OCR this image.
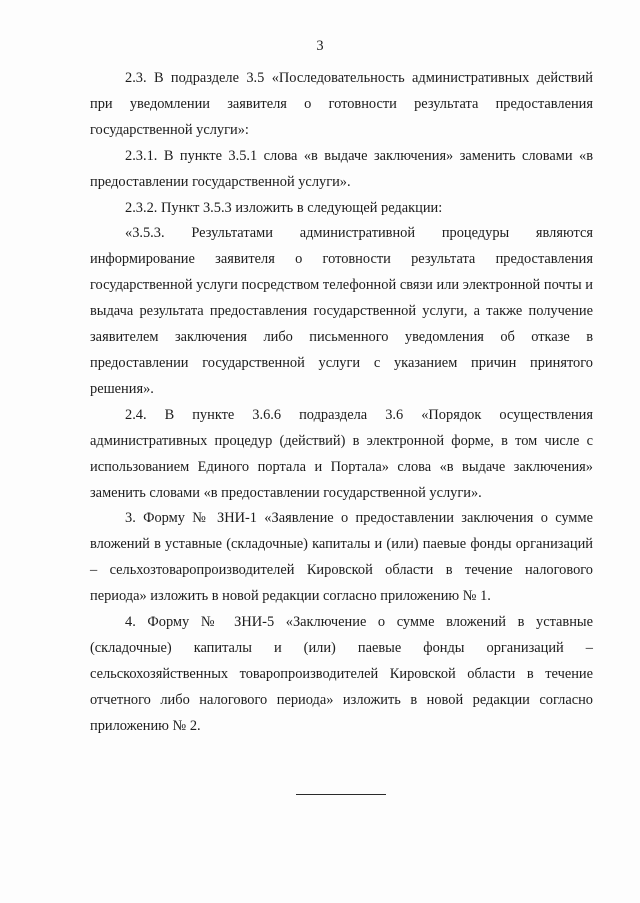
3

2.3. В подразделе 3.5 «Последовательность административных действий при уведомлении заявителя о готовности результата предоставления государственной услуги»:

2.3.1. В пункте 3.5.1 слова «в выдаче заключения» заменить словами «в предоставлении государственной услуги».

2.3.2. Пункт 3.5.3 изложить в следующей редакции:

«3.5.3. Результатами административной процедуры являются информирование заявителя о готовности результата предоставления государственной услуги посредством телефонной связи или электронной почты и выдача результата предоставления государственной услуги, а также получение заявителем заключения либо письменного уведомления об отказе в предоставлении государственной услуги с указанием причин принятого решения».

2.4. В пункте 3.6.6 подраздела 3.6 «Порядок осуществления административных процедур (действий) в электронной форме, в том числе с использованием Единого портала и Портала» слова «в выдаче заключения» заменить словами «в предоставлении государственной услуги».

3. Форму № ЗНИ-1 «Заявление о предоставлении заключения о сумме вложений в уставные (складочные) капиталы и (или) паевые фонды организаций – сельхозтоваропроизводителей Кировской области в течение налогового периода» изложить в новой редакции согласно приложению № 1.

4. Форму № ЗНИ-5 «Заключение о сумме вложений в уставные (складочные) капиталы и (или) паевые фонды организаций – сельскохозяйственных товаропроизводителей Кировской области в течение отчетного либо налогового периода» изложить в новой редакции согласно приложению № 2.
